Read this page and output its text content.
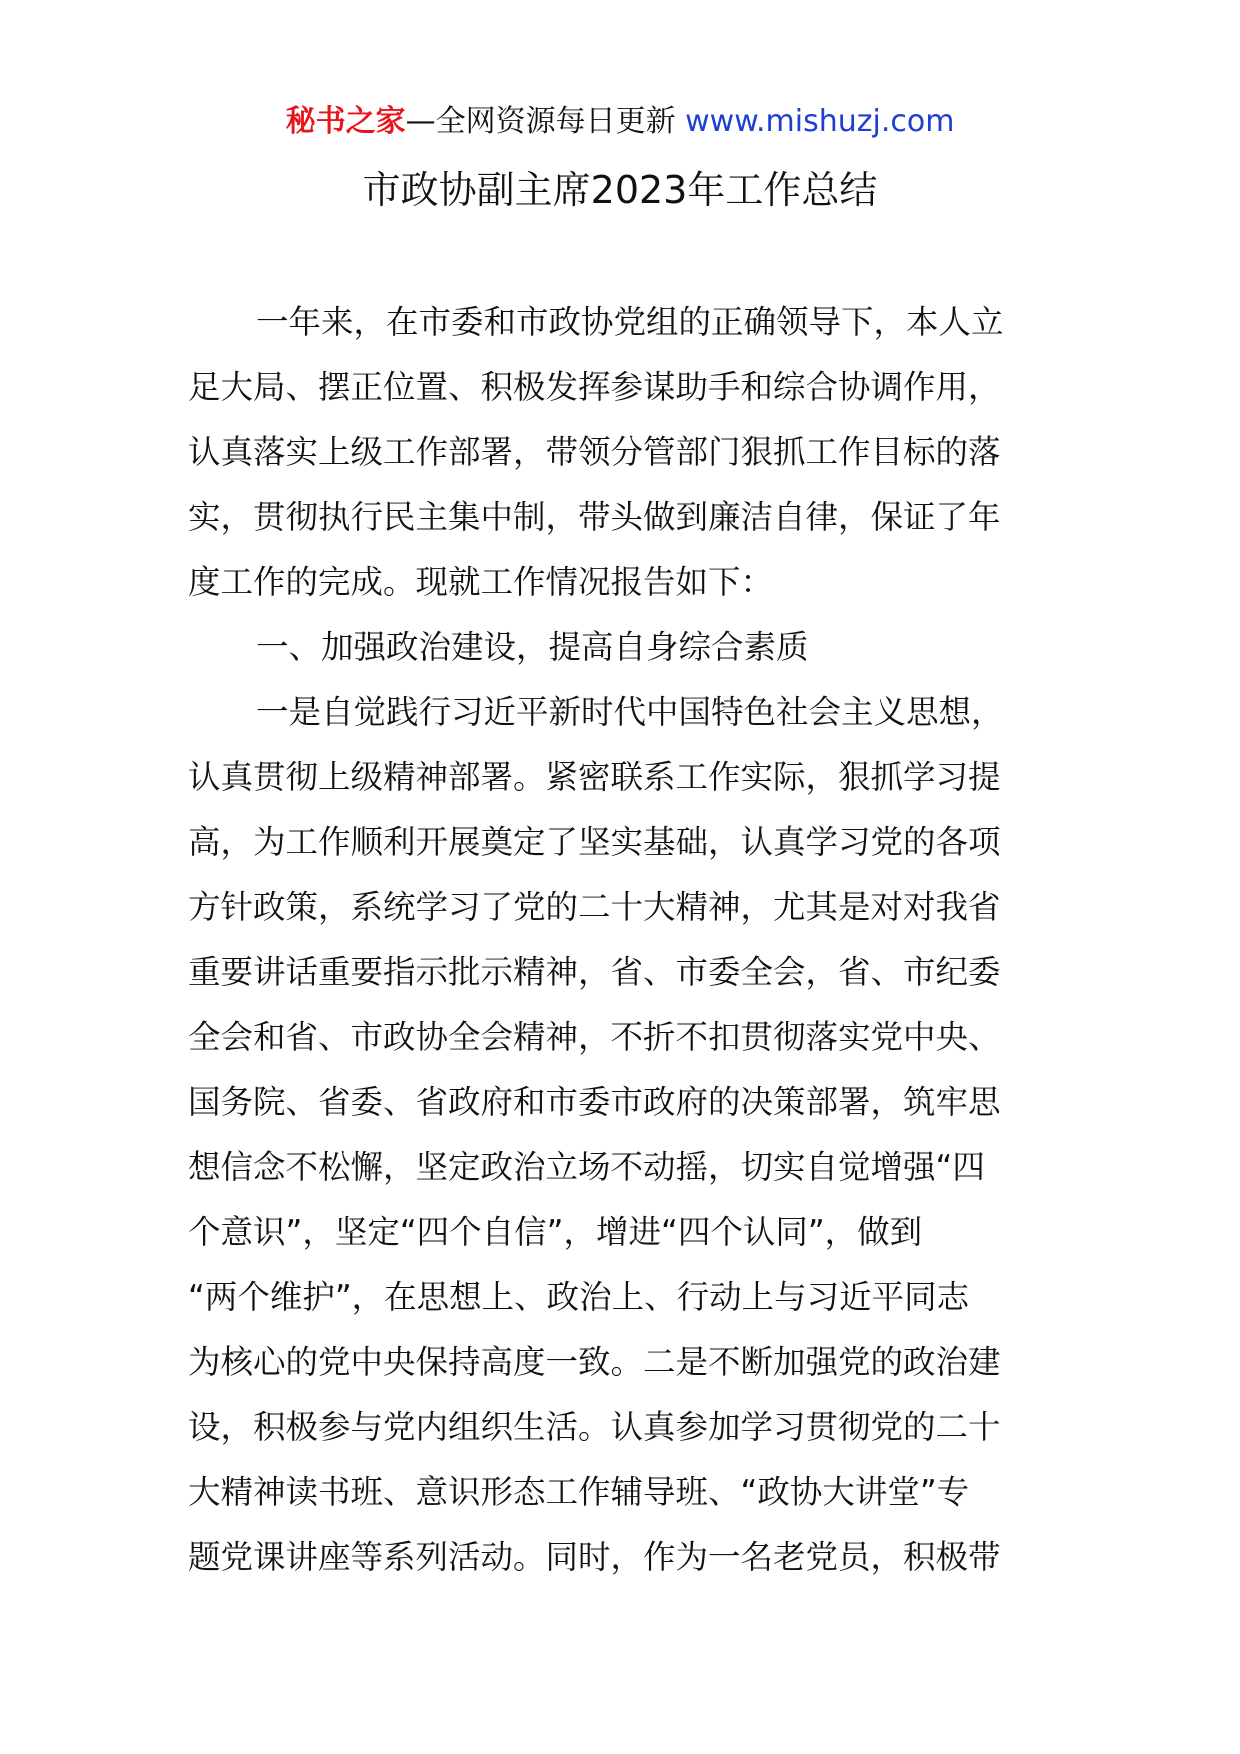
秘书之家—全网资源每日更新 www.mishuzj.com
市政协副主席2023年工作总结
一年来，在市委和市政协党组的正确领导下，本人立
足大局、摆正位置、积极发挥参谋助手和综合协调作用，
认真落实上级工作部署，带领分管部门狠抓工作目标的落
实，贯彻执行民主集中制，带头做到廉洁自律，保证了年
度工作的完成。现就工作情况报告如下：
一、加强政治建设，提高自身综合素质
一是自觉践行习近平新时代中国特色社会主义思想，
认真贯彻上级精神部署。紧密联系工作实际，狠抓学习提
高，为工作顺利开展奠定了坚实基础，认真学习党的各项
方针政策，系统学习了党的二十大精神，尤其是对对我省
重要讲话重要指示批示精神，省、市委全会，省、市纪委
全会和省、市政协全会精神，不折不扣贯彻落实党中央、
国务院、省委、省政府和市委市政府的决策部署，筑牢思
想信念不松懈，坚定政治立场不动摇，切实自觉增强“四
个意识”，坚定“四个自信”，增进“四个认同”，做到
“两个维护”，在思想上、政治上、行动上与习近平同志
为核心的党中央保持高度一致。二是不断加强党的政治建
设，积极参与党内组织生活。认真参加学习贯彻党的二十
大精神读书班、意识形态工作辅导班、“政协大讲堂”专
题党课讲座等系列活动。同时，作为一名老党员，积极带
